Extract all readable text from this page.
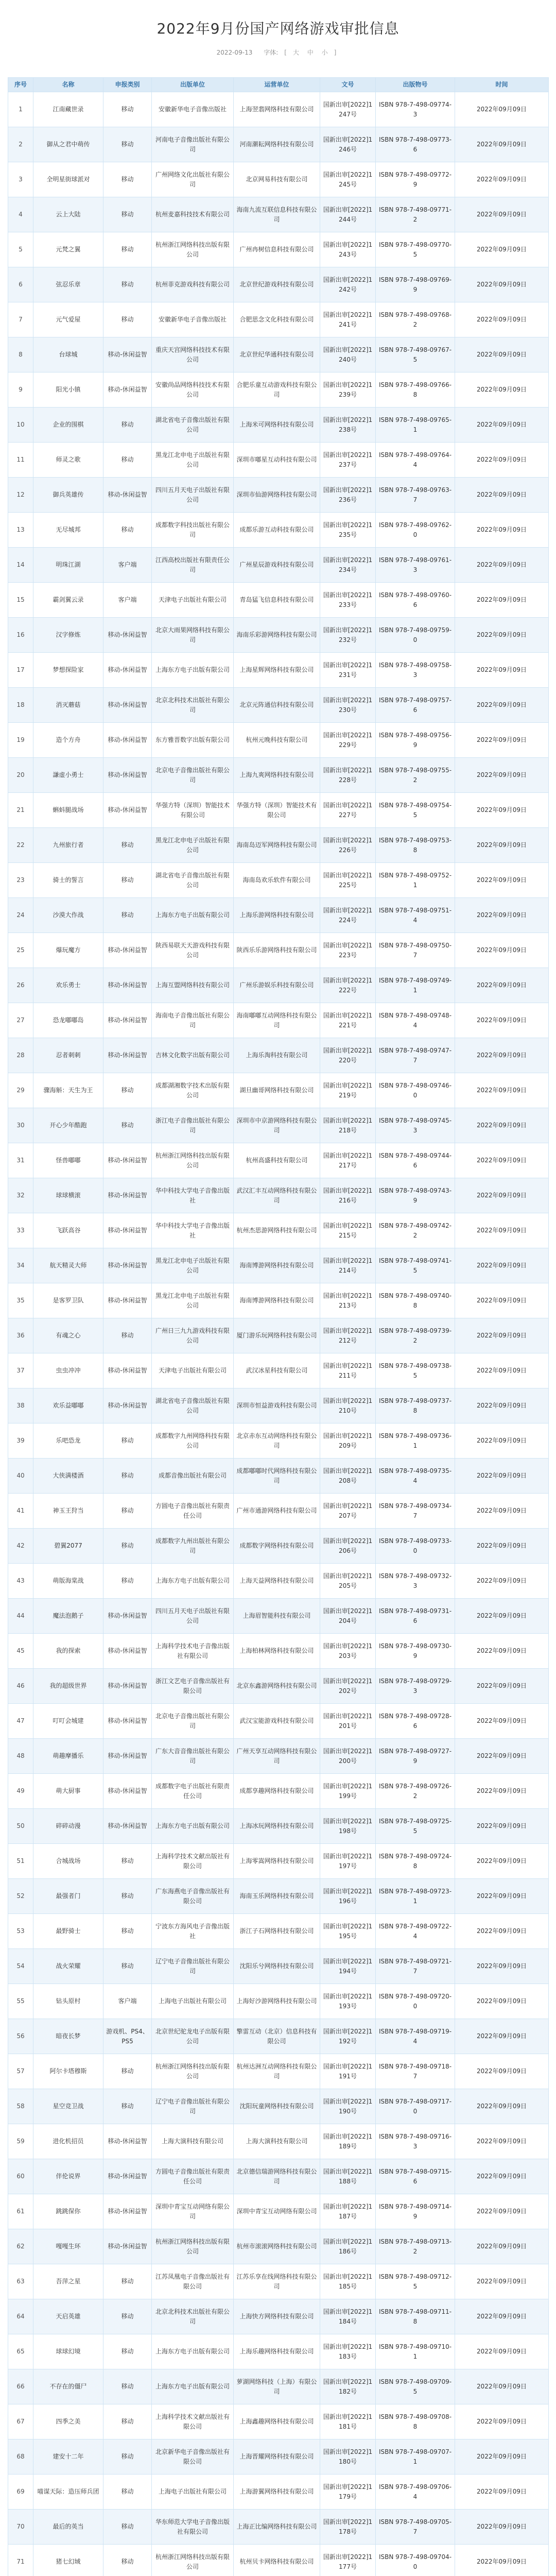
2022年9月份国产网络游戏审批信息
2022-09-13 字体: [ 大 中 小 ]
序号	名称	申报类别	出版单位	运营单位	文号	出版物号	时间
1	江南藏世录	移动	安徽新华电子音像出版社	上海翌翡网络科技有限公司	国新出审[2022]1247号	ISBN 978-7-498-09774-3	2022年09月09日
2	御从之君中萌传	移动	河南电子音像出版社有限公司	河南潮耘网络科技有限公司	国新出审[2022]1246号	ISBN 978-7-498-09773-6	2022年09月09日
3	全明星街球派对	移动	广州网络文化出版社有限公司	北京网易科技有限公司	国新出审[2022]1245号	ISBN 978-7-498-09772-9	2022年09月09日
4	云上大陆	移动	杭州麦嘉科技技术有限公司	海南九流互联信息科技有限公司	国新出审[2022]1244号	ISBN 978-7-498-09771-2	2022年09月09日
5	元梵之翼	移动	杭州浙江网络科技出版有限公司	广州冉树信息科技有限公司	国新出审[2022]1243号	ISBN 978-7-498-09770-5	2022年09月09日
6	弦忍乐章	移动	杭州菲克游戏科技有限公司	北京世纪游戏科技有限公司	国新出审[2022]1242号	ISBN 978-7-498-09769-9	2022年09月09日
7	元气爱屋	移动	安徽新华电子音像出版社	合肥思念文化科技有限公司	国新出审[2022]1241号	ISBN 978-7-498-09768-2	2022年09月09日
8	台球城	移动-休闲益智	重庆天宫网络科技技术有限公司	北京世纪华通科技有限公司	国新出审[2022]1240号	ISBN 978-7-498-09767-5	2022年09月09日
9	阳光小镇	移动-休闲益智	安徽尚品网络科技技术有限公司	合肥乐童互动游戏科技有限公司	国新出审[2022]1239号	ISBN 978-7-498-09766-8	2022年09月09日
10	企业的围棋	移动	湖北省电子音像出版社有限公司	上海米可网络科技有限公司	国新出审[2022]1238号	ISBN 978-7-498-09765-1	2022年09月09日
11	师灵之歌	移动	黑龙江北申电子出版社有限公司	深圳市嘟星互动科技有限公司	国新出审[2022]1237号	ISBN 978-7-498-09764-4	2022年09月09日
12	御兵英雄传	移动-休闲益智	四川五月天电子出版社有限公司	深圳市仙游网络科技有限公司	国新出审[2022]1236号	ISBN 978-7-498-09763-7	2022年09月09日
13	无尽城邦	移动	成都数字科技出版社有限公司	成都乐游互动科技有限公司	国新出审[2022]1235号	ISBN 978-7-498-09762-0	2022年09月09日
14	明珠江湖	客户端	江西高校出版社有限责任公司	广州星辰游戏科技有限公司	国新出审[2022]1234号	ISBN 978-7-498-09761-3	2022年09月09日
15	霸剑翼云录	客户端	天津电子出版社有限公司	青岛猛飞信息科技有限公司	国新出审[2022]1233号	ISBN 978-7-498-09760-6	2022年09月09日
16	汉字修炼	移动-休闲益智	北京大雨果网络科技有限公司	海南乐彩游网络科技有限公司	国新出审[2022]1232号	ISBN 978-7-498-09759-0	2022年09月09日
17	梦想探险家	移动-休闲益智	上海东方电子出版有限公司	上海星辉网络科技有限公司	国新出审[2022]1231号	ISBN 978-7-498-09758-3	2022年09月09日
18	消灭蘑菇	移动-休闲益智	北京北科技术出版社有限公司	北京元阵通信科技有限公司	国新出审[2022]1230号	ISBN 978-7-498-09757-6	2022年09月09日
19	造个方舟	移动-休闲益智	东方雅晋数字出版有限公司	杭州元晚科技有限公司	国新出审[2022]1229号	ISBN 978-7-498-09756-9	2022年09月09日
20	謙虚小勇士	移动-休闲益智	北京电子音像出版社有限公司	上海九爽网络科技有限公司	国新出审[2022]1228号	ISBN 978-7-498-09755-2	2022年09月09日
21	蝌蚪腿战场	移动-休闲益智	华强方特（深圳）智能技术有限公司	华强方特（深圳）智能技术有限公司	国新出审[2022]1227号	ISBN 978-7-498-09754-5	2022年09月09日
22	九州旅行者	移动	黑龙江北申电子出版社有限公司	海南岛迈军网络科技有限公司	国新出审[2022]1226号	ISBN 978-7-498-09753-8	2022年09月09日
23	骑士的誓言	移动	湖北省电子音像出版社有限公司	海南岛欢乐软件有限公司	国新出审[2022]1225号	ISBN 978-7-498-09752-1	2022年09月09日
24	沙漠大作战	移动	上海东方电子出版有限公司	上海乐游网络科技有限公司	国新出审[2022]1224号	ISBN 978-7-498-09751-4	2022年09月09日
25	爆玩魔方	移动-休闲益智	陕西易联天天游戏科技有限公司	陕西乐乐游网络科技有限公司	国新出审[2022]1223号	ISBN 978-7-498-09750-7	2022年09月09日
26	欢乐勇士	移动-休闲益智	上海互盟网络科技有限公司	广州乐游娱乐科技有限公司	国新出审[2022]1222号	ISBN 978-7-498-09749-1	2022年09月09日
27	恐龙嘟嘟岛	移动-休闲益智	海南电子音像出版社有限公司	海南嘟嘟互动网络科技有限公司	国新出审[2022]1221号	ISBN 978-7-498-09748-4	2022年09月09日
28	忍者刺刺	移动-休闲益智	吉林文化数字出版有限公司	上海乐淘科技有限公司	国新出审[2022]1220号	ISBN 978-7-498-09747-7	2022年09月09日
29	骤海斛：天生为王	移动	成都湖湘数字技术出版有限公司	湖旦幽哥网络科技有限公司	国新出审[2022]1219号	ISBN 978-7-498-09746-0	2022年09月09日
30	开心少年酷跑	移动	浙江电子音像出版社有限公司	深圳市中京游网络科技有限公司	国新出审[2022]1218号	ISBN 978-7-498-09745-3	2022年09月09日
31	怪兽嘟嘟	移动-休闲益智	杭州浙江网络科技出版有限公司	杭州高盛科技有限公司	国新出审[2022]1217号	ISBN 978-7-498-09744-6	2022年09月09日
32	球球横滚	移动-休闲益智	华中科技大学电子音像出版社	武汉汇丰互动网络科技有限公司	国新出审[2022]1216号	ISBN 978-7-498-09743-9	2022年09月09日
33	飞跃高谷	移动-休闲益智	华中科技大学电子音像出版社	杭州杰思游网络科技有限公司	国新出审[2022]1215号	ISBN 978-7-498-09742-2	2022年09月09日
34	航天精灵大师	移动-休闲益智	黑龙江北申电子出版社有限公司	海南博游网络科技有限公司	国新出审[2022]1214号	ISBN 978-7-498-09741-5	2022年09月09日
35	是客罗卫队	移动-休闲益智	黑龙江北申电子出版社有限公司	海南博游网络科技有限公司	国新出审[2022]1213号	ISBN 978-7-498-09740-8	2022年09月09日
36	有魂之心	移动	广州日三九九游戏科技有限公司	厦门游乐玩网络科技有限公司	国新出审[2022]1212号	ISBN 978-7-498-09739-2	2022年09月09日
37	虫虫冲冲	移动-休闲益智	天津电子出版社有限公司	武汉冰星科技有限公司	国新出审[2022]1211号	ISBN 978-7-498-09738-5	2022年09月09日
38	欢乐益嘟嘟	移动-休闲益智	湖北省电子音像出版社有限公司	深圳市恒益游戏科技有限公司	国新出审[2022]1210号	ISBN 978-7-498-09737-8	2022年09月09日
39	乐吧恐龙	移动	成都数字九州网络科技有限公司	北京赤东互动网络科技有限公司	国新出审[2022]1209号	ISBN 978-7-498-09736-1	2022年09月09日
40	大侠满楼酒	移动	成都音像出版社有限公司	成都嘟嘟时代网络科技有限公司	国新出审[2022]1208号	ISBN 978-7-498-09735-4	2022年09月09日
41	神玉王狩当	移动	方圆电子音像出版社有限责任公司	广州市通游网络科技有限公司	国新出审[2022]1207号	ISBN 978-7-498-09734-7	2022年09月09日
42	碧翼2077	移动	成都数字九州出版社有限公司	成都数字网络科技有限公司	国新出审[2022]1206号	ISBN 978-7-498-09733-0	2022年09月09日
43	萌版海棠战	移动	上海东方电子出版有限公司	上海天益网络科技有限公司	国新出审[2022]1205号	ISBN 978-7-498-09732-3	2022年09月09日
44	魔法泡鹅子	移动-休闲益智	四川五月天电子出版社有限公司	上海眉智能科技有限公司	国新出审[2022]1204号	ISBN 978-7-498-09731-6	2022年09月09日
45	我的探索	移动-休闲益智	上海科学技术电子音像出版社有限公司	上海柏林网络科技有限公司	国新出审[2022]1203号	ISBN 978-7-498-09730-9	2022年09月09日
46	我的超级世界	移动-休闲益智	浙江文艺电子音像出版社有限公司	北京东鑫游网络科技有限公司	国新出审[2022]1202号	ISBN 978-7-498-09729-3	2022年09月09日
47	叮叮会城建	移动-休闲益智	北京电子音像出版社有限公司	武汉宝能游戏科技有限公司	国新出审[2022]1201号	ISBN 978-7-498-09728-6	2022年09月09日
48	萌趣摩播乐	移动-休闲益智	广东大音音像出版社有限公司	广州天享互动网络科技有限公司	国新出审[2022]1200号	ISBN 978-7-498-09727-9	2022年09月09日
49	萌大厨事	移动-休闲益智	成都数字电子出版社有限责任公司	成都享趣网络科技有限公司	国新出审[2022]1199号	ISBN 978-7-498-09726-2	2022年09月09日
50	碎碎动漫	移动-休闲益智	上海东方电子出版有限公司	上海冰玩网络科技有限公司	国新出审[2022]1198号	ISBN 978-7-498-09725-5	2022年09月09日
51	合城战场	移动	上海科学技术文献出版社有限公司	上海零嵩网络科技有限公司	国新出审[2022]1197号	ISBN 978-7-498-09724-8	2022年09月09日
52	最强者门	移动	广东海燕电子音像出版社有限公司	海南玉乐网络科技有限公司	国新出审[2022]1196号	ISBN 978-7-498-09723-1	2022年09月09日
53	最野骑士	移动	宁波东方海风电子音像出版社	浙江子石网络科技有限公司	国新出审[2022]1195号	ISBN 978-7-498-09722-4	2022年09月09日
54	战火荣耀	移动	辽宁电子音像出版社有限公司	沈阳乐兮网络科技有限公司	国新出审[2022]1194号	ISBN 978-7-498-09721-7	2022年09月09日
55	钻头原村	客户端	上海电子出版社有限公司	上海好沙游网络科技有限公司	国新出审[2022]1193号	ISBN 978-7-498-09720-0	2022年09月09日
56	暗夜长梦	游戏机、PS4、PS5	北京世纪驼龙电子出版有限公司	擎雷互动（北京）信息科技有限公司	国新出审[2022]1192号	ISBN 978-7-498-09719-4	2022年09月09日
57	阿尔卡塔穆斯	移动	杭州浙江网络科技出版有限公司	杭州达洲互动网络科技有限公司	国新出审[2022]1191号	ISBN 978-7-498-09718-7	2022年09月09日
58	星空竞卫战	移动	辽宁电子音像出版社有限公司	沈阳玩童网络科技有限公司	国新出审[2022]1190号	ISBN 978-7-498-09717-0	2022年09月09日
59	进化机招员	移动-休闲益智	上海大演科技有限公司	上海大演科技有限公司	国新出审[2022]1189号	ISBN 978-7-498-09716-3	2022年09月09日
60	伴伦说界	移动-休闲益智	方圆电子音像出版社有限责任公司	北京德信瑞游网络科技有限公司	国新出审[2022]1188号	ISBN 978-7-498-09715-6	2022年09月09日
61	跳跳保你	移动-休闲益智	深圳中青宝互动网络有限公司	深圳中青宝互动网络有限公司	国新出审[2022]1187号	ISBN 978-7-498-09714-9	2022年09月09日
62	嘎嘎生环	移动-休闲益智	杭州浙江网络科技出版有限公司	杭州市滚滚网络科技有限公司	国新出审[2022]1186号	ISBN 978-7-498-09713-2	2022年09月09日
63	吾萍之星	移动	江苏凤凰电子音像出版社有限公司	江苏乐享在线网络科技有限公司	国新出审[2022]1185号	ISBN 978-7-498-09712-5	2022年09月09日
64	天启英雄	移动	北京北科技术出版社有限公司	上海快方网络科技有限公司	国新出审[2022]1184号	ISBN 978-7-498-09711-8	2022年09月09日
65	球球幻境	移动	上海东方电子出版有限公司	上海乐趣网络科技有限公司	国新出审[2022]1183号	ISBN 978-7-498-09710-1	2022年09月09日
66	不存在的僵尸	移动	上海东方电子出版有限公司	萝湖网络科技（上海）有限公司	国新出审[2022]1182号	ISBN 978-7-498-09709-5	2022年09月09日
67	四季之美	移动	上海科学技术文献出版社有限公司	上海鑫趣网络科技有限公司	国新出审[2022]1181号	ISBN 978-7-498-09708-8	2022年09月09日
68	建安十二年	移动	北京新华电子音像出版社有限公司	上海晋耀网络科技有限公司	国新出审[2022]1180号	ISBN 978-7-498-09707-1	2022年09月09日
69	喵谋天际：造压师兵团	移动	上海电子出版社有限公司	上海游翼网络科技有限公司	国新出审[2022]1179号	ISBN 978-7-498-09706-4	2022年09月09日
70	最后的英当	移动	华东师范大学电子音像出版社有限公司	上海正比编网络科技有限公司	国新出审[2022]1178号	ISBN 978-7-498-09705-7	2022年09月09日
71	猪七幻域	移动	杭州浙江网络科技出版有限公司	杭州贝卡网络科技有限公司	国新出审[2022]1177号	ISBN 978-7-498-09704-0	2022年09月09日
